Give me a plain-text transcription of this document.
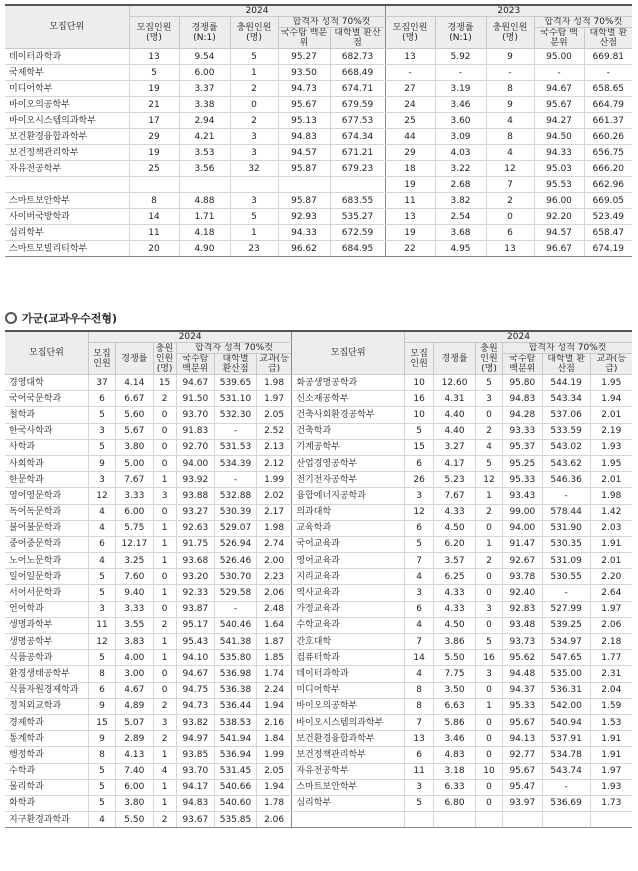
모집단위	2024					2023				
	모집인원(명)	경쟁률(N:1)	충원인원(명)	합격자 성적 70%컷		모집인원(명)	경쟁률(N:1)	충원인원(명)	합격자 성적 70%컷	
				국수탐 백분위	대학별 환산점				국수탐 백분위	대학별 환산점
데이터과학과	13	9.54	5	95.27	682.73	13	5.92	9	95.00	669.81
국제학부	5	6.00	1	93.50	668.49	-	-	-	-	-
미디어학부	19	3.37	2	94.73	674.71	27	3.19	8	94.67	658.65
바이오의공학부	21	3.38	0	95.67	679.59	24	3.46	9	95.67	664.79
바이오시스템의과학부	17	2.94	2	95.13	677.53	25	3.60	4	94.27	661.37
보건환경융합과학부	29	4.21	3	94.83	674.34	44	3.09	8	94.50	660.26
보건정책관리학부	19	3.53	3	94.57	671.21	29	4.03	4	94.33	656.75
자유전공학부	25	3.56	32	95.87	679.23	18	3.22	12	95.03	666.20
						19	2.68	7	95.53	662.96
스마트보안학부	8	4.88	3	95.87	683.55	11	3.82	2	96.00	669.05
사이버국방학과	14	1.71	5	92.93	535.27	13	2.54	0	92.20	523.49
심리학부	11	4.18	1	94.33	672.59	19	3.68	6	94.57	658.47
스마트모빌리티학부	20	4.90	23	96.62	684.95	22	4.95	13	96.67	674.19
가군(교과우수전형)
모집단위	2024						모집단위	2024					
	모집인원	경쟁률	충원인원(명)	합격자 성적 70%컷				모집인원	경쟁률	충원인원(명)	합격자 성적 70%컷		
				국수탐 백분위	대학별 환산점	교과(등급)					국수탐 백분위	대학별 환산점	교과(등급)
경영대학	37	4.14	15	94.67	539.65	1.98	화공생명공학과	10	12.60	5	95.80	544.19	1.95
국어국문학과	6	6.67	2	91.50	531.10	1.97	신소재공학부	16	4.31	3	94.83	543.34	1.94
철학과	5	5.60	0	93.70	532.30	2.05	건축사회환경공학부	10	4.40	0	94.28	537.06	2.01
한국사학과	3	5.67	0	91.83	-	2.52	건축학과	5	4.40	2	93.33	533.59	2.19
사학과	5	3.80	0	92.70	531.53	2.13	기계공학부	15	3.27	4	95.37	543.02	1.93
사회학과	9	5.00	0	94.00	534.39	2.12	산업경영공학부	6	4.17	5	95.25	543.62	1.95
한문학과	3	7.67	1	93.92	-	1.99	전기전자공학부	26	5.23	12	95.33	546.36	2.01
영어영문학과	12	3.33	3	93.88	532.88	2.02	융합에너지공학과	3	7.67	1	93.43	-	1.98
독어독문학과	4	6.00	0	93.27	530.39	2.17	의과대학	12	4.33	2	99.00	578.44	1.42
불어불문학과	4	5.75	1	92.63	529.07	1.98	교육학과	6	4.50	0	94.00	531.90	2.03
중어중문학과	6	12.17	1	91.75	526.94	2.74	국어교육과	5	6.20	1	91.47	530.35	1.91
노어노문학과	4	3.25	1	93.68	526.46	2.00	영어교육과	7	3.57	2	92.67	531.09	2.01
일어일문학과	5	7.60	0	93.20	530.70	2.23	지리교육과	4	6.25	0	93.78	530.55	2.20
서어서문학과	5	9.40	1	92.33	529.58	2.06	역사교육과	3	4.33	0	92.40	-	2.64
언어학과	3	3.33	0	93.87	-	2.48	가정교육과	6	4.33	3	92.83	527.99	1.97
생명과학부	11	3.55	2	95.17	540.46	1.64	수학교육과	4	4.50	0	93.48	539.25	2.06
생명공학부	12	3.83	1	95.43	541.38	1.87	간호대학	7	3.86	5	93.73	534.97	2.18
식품공학과	5	4.00	1	94.10	535.80	1.85	컴퓨터학과	14	5.50	16	95.62	547.65	1.77
환경생태공학부	8	3.00	0	94.67	536.98	1.74	데이터과학과	4	7.75	3	94.48	535.00	2.31
식품자원경제학과	6	4.67	0	94.75	536.38	2.24	미디어학부	8	3.50	0	94.37	536.31	2.04
정치외교학과	9	4.89	2	94.73	536.44	1.94	바이오의공학부	8	6.63	1	95.33	542.00	1.59
경제학과	15	5.07	3	93.82	538.53	2.16	바이오시스템의과학부	7	5.86	0	95.67	540.94	1.53
통계학과	9	2.89	2	94.97	541.94	1.84	보건환경융합과학부	13	3.46	0	94.13	537.91	1.91
행정학과	8	4.13	1	93.85	536.94	1.99	보건정책관리학부	6	4.83	0	92.77	534.78	1.91
수학과	5	7.40	4	93.70	531.45	2.05	자유전공학부	11	3.18	10	95.67	543.74	1.97
물리학과	5	6.00	1	94.17	540.66	1.94	스마트보안학부	3	6.33	0	95.47	-	1.93
화학과	5	3.80	1	94.83	540.60	1.78	심리학부	5	6.80	0	93.97	536.69	1.73
지구환경과학과	4	5.50	2	93.67	535.85	2.06							
